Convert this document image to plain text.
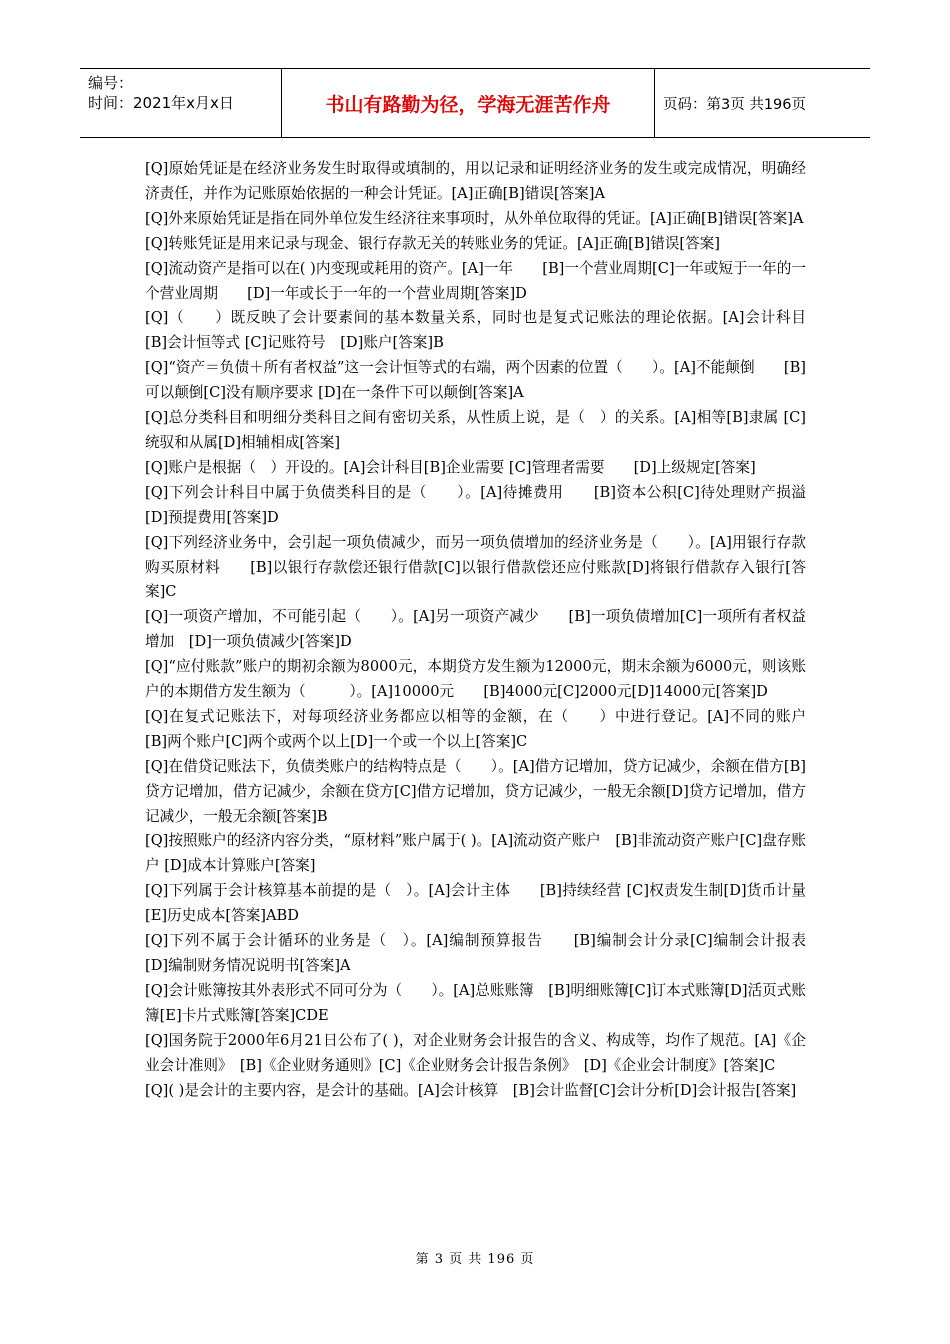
编号：
时间：2021年x月x日	书山有路勤为径，学海无涯苦作舟	页码：第3页 共196页

[Q]原始凭证是在经济业务发生时取得或填制的，用以记录和证明经济业务的发生或完成情况，明确经济责任，并作为记账原始依据的一种会计凭证。[A]正确[B]错误[答案]A

[Q]外来原始凭证是指在同外单位发生经济往来事项时，从外单位取得的凭证。[A]正确[B]错误[答案]A

[Q]转账凭证是用来记录与现金、银行存款无关的转账业务的凭证。[A]正确[B]错误[答案]

[Q]流动资产是指可以在( )内变现或耗用的资产。[A]一年　　[B]一个营业周期[C]一年或短于一年的一个营业周期　　[D]一年或长于一年的一个营业周期[答案]D

[Q]（　　）既反映了会计要素间的基本数量关系，同时也是复式记账法的理论依据。[A]会计科目　[B]会计恒等式 [C]记账符号　[D]账户[答案]B

[Q]“资产＝负债＋所有者权益”这一会计恒等式的右端，两个因素的位置（　　）。[A]不能颠倒　　[B]可以颠倒[C]没有顺序要求 [D]在一条件下可以颠倒[答案]A

[Q]总分类科目和明细分类科目之间有密切关系，从性质上说，是（　）的关系。[A]相等[B]隶属 [C]统驭和从属[D]相辅相成[答案]

[Q]账户是根据（　）开设的。[A]会计科目[B]企业需要 [C]管理者需要　　[D]上级规定[答案]

[Q]下列会计科目中属于负债类科目的是（　　）。[A]待摊费用　　[B]资本公积[C]待处理财产损溢　　[D]预提费用[答案]D

[Q]下列经济业务中，会引起一项负债减少，而另一项负债增加的经济业务是（　　）。[A]用银行存款购买原材料　　[B]以银行存款偿还银行借款[C]以银行借款偿还应付账款[D]将银行借款存入银行[答案]C

[Q]一项资产增加，不可能引起（　　）。[A]另一项资产减少　　[B]一项负债增加[C]一项所有者权益增加　[D]一项负债减少[答案]D

[Q]“应付账款”账户的期初余额为8000元，本期贷方发生额为12000元，期末余额为6000元，则该账户的本期借方发生额为（　　　）。[A]10000元　　[B]4000元[C]2000元[D]14000元[答案]D

[Q]在复式记账法下，对每项经济业务都应以相等的金额，在（　　）中进行登记。[A]不同的账户　　[B]两个账户[C]两个或两个以上[D]一个或一个以上[答案]C

[Q]在借贷记账法下，负债类账户的结构特点是（　　）。[A]借方记增加，贷方记减少，余额在借方[B]贷方记增加，借方记减少，余额在贷方[C]借方记增加，贷方记减少，一般无余额[D]贷方记增加，借方记减少，一般无余额[答案]B

[Q]按照账户的经济内容分类，“原材料”账户属于( )。[A]流动资产账户　[B]非流动资产账户[C]盘存账户 [D]成本计算账户[答案]

[Q]下列属于会计核算基本前提的是（　）。[A]会计主体　　[B]持续经营 [C]权责发生制[D]货币计量　[E]历史成本[答案]ABD

[Q]下列不属于会计循环的业务是（　）。[A]编制预算报告　　[B]编制会计分录[C]编制会计报表　　[D]编制财务情况说明书[答案]A

[Q]会计账簿按其外表形式不同可分为（　　）。[A]总账账簿　[B]明细账簿[C]订本式账簿[D]活页式账簿[E]卡片式账簿[答案]CDE

[Q]国务院于2000年6月21日公布了( )，对企业财务会计报告的含义、构成等，均作了规范。[A]《企业会计准则》　[B]《企业财务通则》[C]《企业财务会计报告条例》　[D]《企业会计制度》[答案]C

[Q]( )是会计的主要内容，是会计的基础。[A]会计核算　[B]会计监督[C]会计分析[D]会计报告[答案]

第 3 页 共 196 页
